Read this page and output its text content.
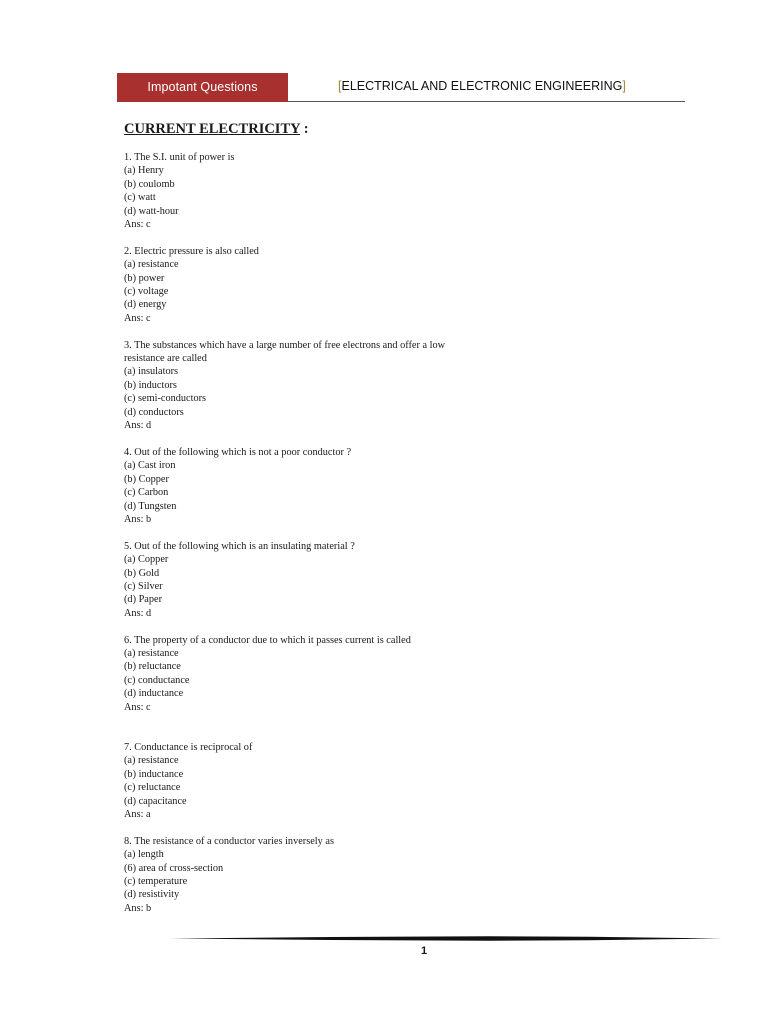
Impotant Questions	[ELECTRICAL AND ELECTRONIC ENGINEERING]
CURRENT ELECTRICITY :
1. The S.I. unit of power is
(a) Henry
(b) coulomb
(c) watt
(d) watt-hour
Ans: c
2. Electric pressure is also called
(a) resistance
(b) power
(c) voltage
(d) energy
Ans: c
3. The substances which have a large number of free electrons and offer a low
resistance are called
(a) insulators
(b) inductors
(c) semi-conductors
(d) conductors
Ans: d
4. Out of the following which is not a poor conductor ?
(a) Cast iron
(b) Copper
(c) Carbon
(d) Tungsten
Ans: b
5. Out of the following which is an insulating material ?
(a) Copper
(b) Gold
(c) Silver
(d) Paper
Ans: d
6. The property of a conductor due to which it passes current is called
(a) resistance
(b) reluctance
(c) conductance
(d) inductance
Ans: c
7. Conductance is reciprocal of
(a) resistance
(b) inductance
(c) reluctance
(d) capacitance
Ans: a
8. The resistance of a conductor varies inversely as
(a) length
(6) area of cross-section
(c) temperature
(d) resistivity
Ans: b
1
